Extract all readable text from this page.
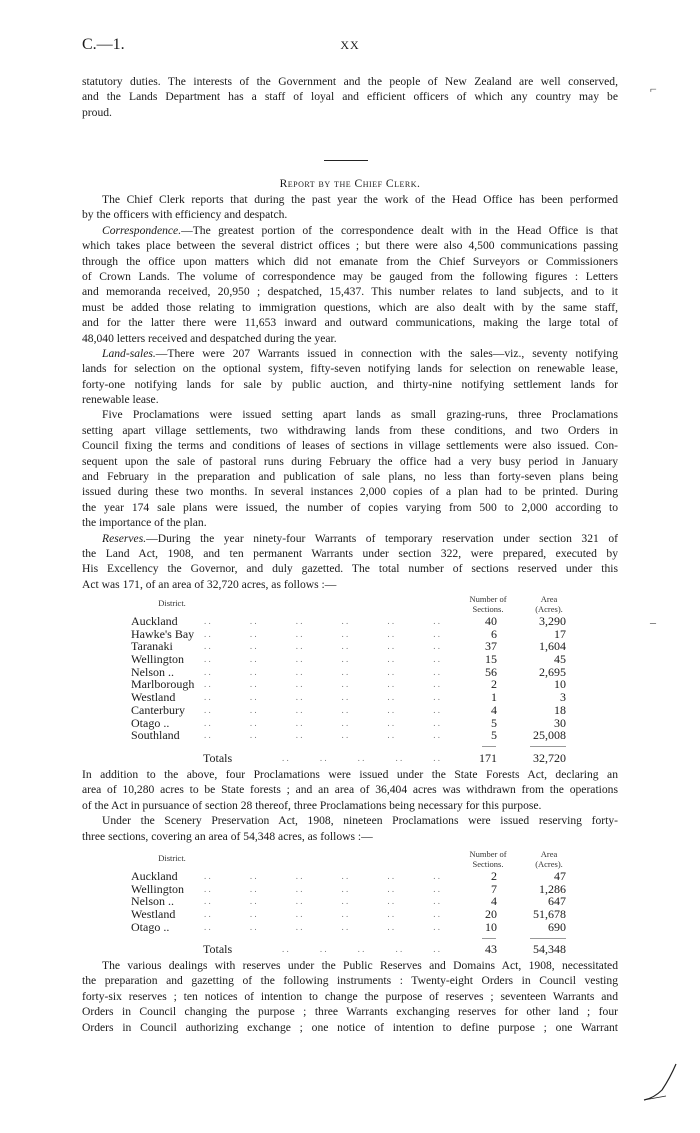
C.—1.	XX
statutory duties. The interests of the Government and the people of New Zealand are well conserved,
and the Lands Department has a staff of loyal and efficient officers of which any country may be
proud.
Report by the Chief Clerk.
The Chief Clerk reports that during the past year the work of the Head Office has been performed
by the officers with efficiency and despatch.
Correspondence.—The greatest portion of the correspondence dealt with in the Head Office is that
which takes place between the several district offices ; but there were also 4,500 communications passing
through the office upon matters which did not emanate from the Chief Surveyors or Commissioners
of Crown Lands. The volume of correspondence may be gauged from the following figures : Letters
and memoranda received, 20,950 ; despatched, 15,437. This number relates to land subjects, and to it
must be added those relating to immigration questions, which are also dealt with by the same staff,
and for the latter there were 11,653 inward and outward communications, making the large total of
48,040 letters received and despatched during the year.
Land-sales.—There were 207 Warrants issued in connection with the sales—viz., seventy notifying
lands for selection on the optional system, fifty-seven notifying lands for selection on renewable lease,
forty-one notifying lands for sale by public auction, and thirty-nine notifying settlement lands for
renewable lease.
Five Proclamations were issued setting apart lands as small grazing-runs, three Proclamations
setting apart village settlements, two withdrawing lands from these conditions, and two Orders in
Council fixing the terms and conditions of leases of sections in village settlements were also issued. Con-
sequent upon the sale of pastoral runs during February the office had a very busy period in January
and February in the preparation and publication of sale plans, no less than forty-seven plans being
issued during these two months. In several instances 2,000 copies of a plan had to be printed. During
the year 174 sale plans were issued, the number of copies varying from 500 to 2,000 according to
the importance of the plan.
Reserves.—During the year ninety-four Warrants of temporary reservation under section 321 of
the Land Act, 1908, and ten permanent Warrants under section 322, were prepared, executed by
His Excellency the Governor, and duly gazetted. The total number of sections reserved under this
Act was 171, of an area of 32,720 acres, as follows :—
District.	Number of Sections.
Area (Acres).
Auckland	. .	. .	. .	. .	. .	. .	40	3,290
Hawke's Bay . .	. .	. .	. .	. .	. .	6	17
Taranaki	. .	. .	. .	. .	. .	. .	37	1,604
Wellington . .	. .	. .	. .	. .	. .	15	45
Nelson ..	. .	. .	. .	. .	. .	. .	56	2,695
Marlborough . .	. .	. .	. .	. .	. .	2	10
Westland	. .	. .	. .	. .	. .	. .	1	3
Canterbury . .	. .	. .	. .	. .	. .	4	18
Otago ..	. .	. .	. .	. .	. .	. .	5	30
Southland	. .	. .	. .	. .	. .	. .	5	25,008
Totals	. .	. .	. .	. .	. .	171	32,720
In addition to the above, four Proclamations were issued under the State Forests Act, declaring an
area of 10,280 acres to be State forests ; and an area of 36,404 acres was withdrawn from the operations
of the Act in pursuance of section 28 thereof, three Proclamations being necessary for this purpose.
Under the Scenery Preservation Act, 1908, nineteen Proclamations were issued reserving forty-
three sections, covering an area of 54,348 acres, as follows :—
District.	Number of Sections.
Area (Acres).
Auckland	. .	. .	. .	. .	. .	. .	2	47
Wellington . .	. .	. .	. .	. .	. .	7	1,286
Nelson ..	. .	. .	. .	. .	. .	. .	4	647
Westland	. .	. .	. .	. .	. .	. .	20	51,678
Otago ..	. .	. .	. .	. .	. .	. .	10	690
Totals	. .	. .	. .	. .	. .	43	54,348
The various dealings with reserves under the Public Reserves and Domains Act, 1908, necessitated
the preparation and gazetting of the following instruments : Twenty-eight Orders in Council vesting
forty-six reserves ; ten notices of intention to change the purpose of reserves ; seventeen Warrants and
Orders in Council changing the purpose ; three Warrants exchanging reserves for other land ; four
Orders in Council authorizing exchange ; one notice of intention to define purpose ; one Warrant
⌐
–
